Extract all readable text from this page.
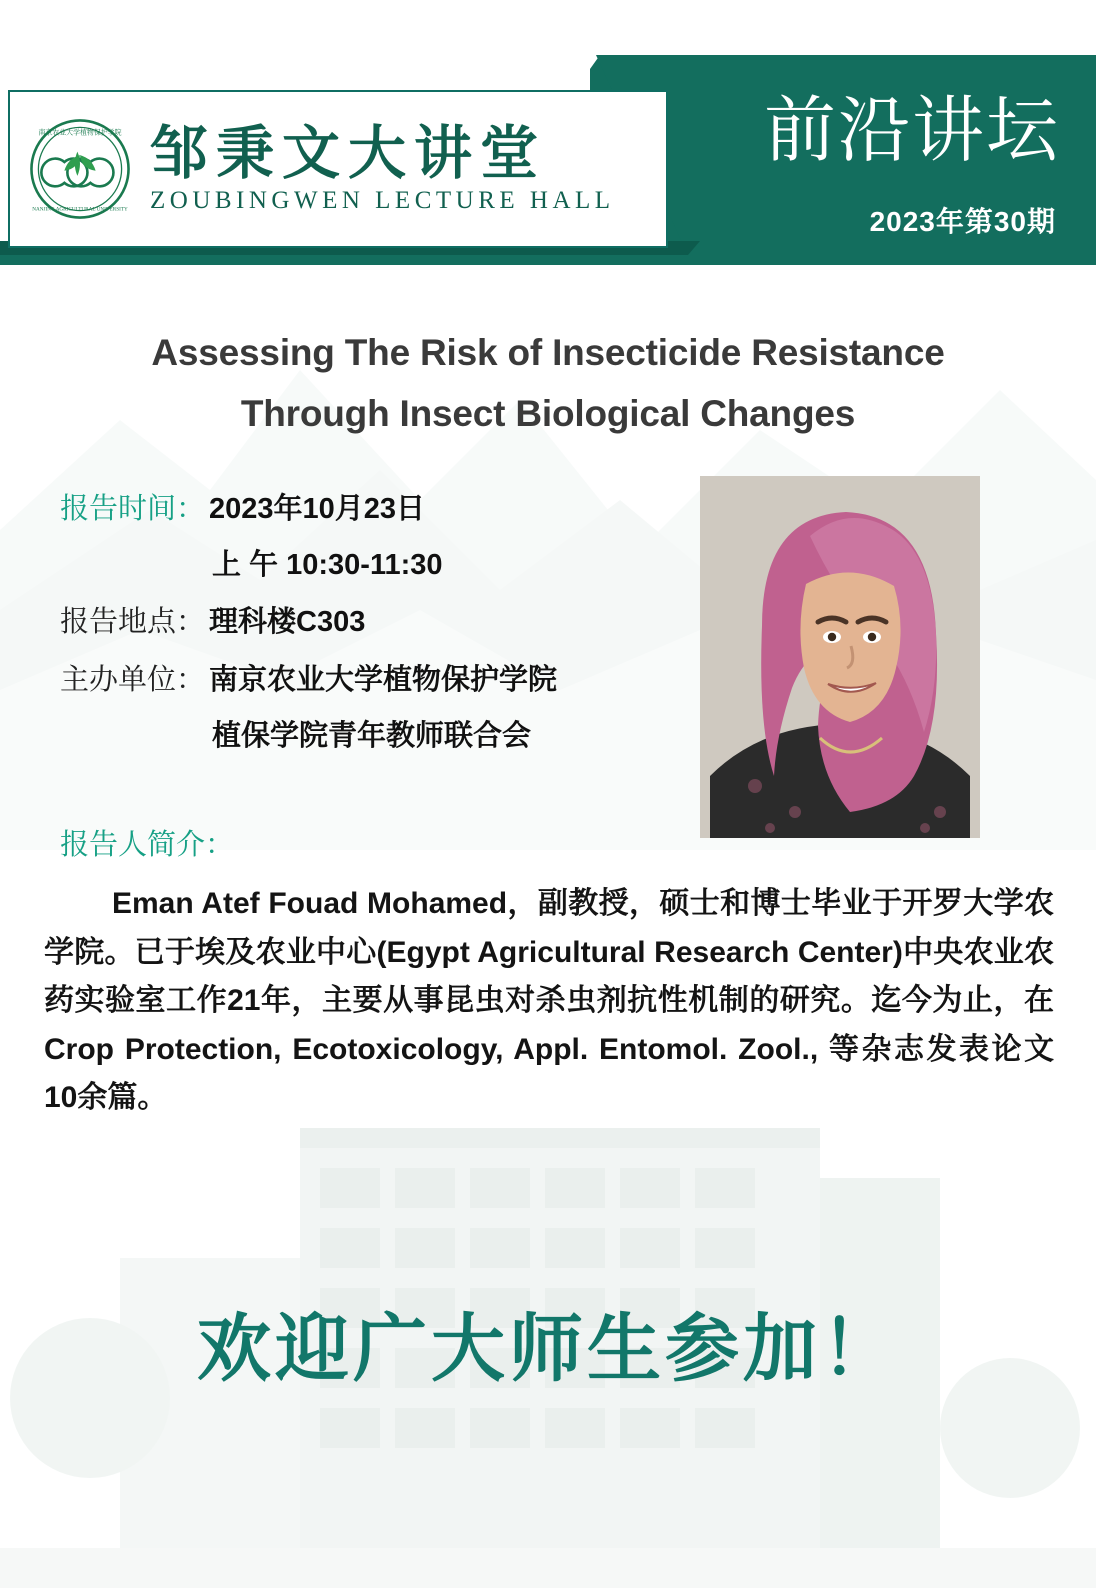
南京农业大学植物保护学院
NANJING AGRICULTURAL UNIVERSITY
邹秉文大讲堂
ZOUBINGWEN LECTURE HALL
前沿讲坛
2023年第30期
Assessing The Risk of Insecticide Resistance
Through Insect Biological Changes
报告时间： 2023年10月23日
上 午 10:30-11:30
报告地点： 理科楼C303
主办单位： 南京农业大学植物保护学院
植保学院青年教师联合会
报告人简介：
Eman Atef Fouad Mohamed，副教授，硕士和博士毕业于开罗大学农学院。已于埃及农业中心(Egypt Agricultural Research Center)中央农业农药实验室工作21年，主要从事昆虫对杀虫剂抗性机制的研究。迄今为止，在Crop Protection, Ecotoxicology, Appl. Entomol. Zool., 等杂志发表论文10余篇。
欢迎广大师生参加！
